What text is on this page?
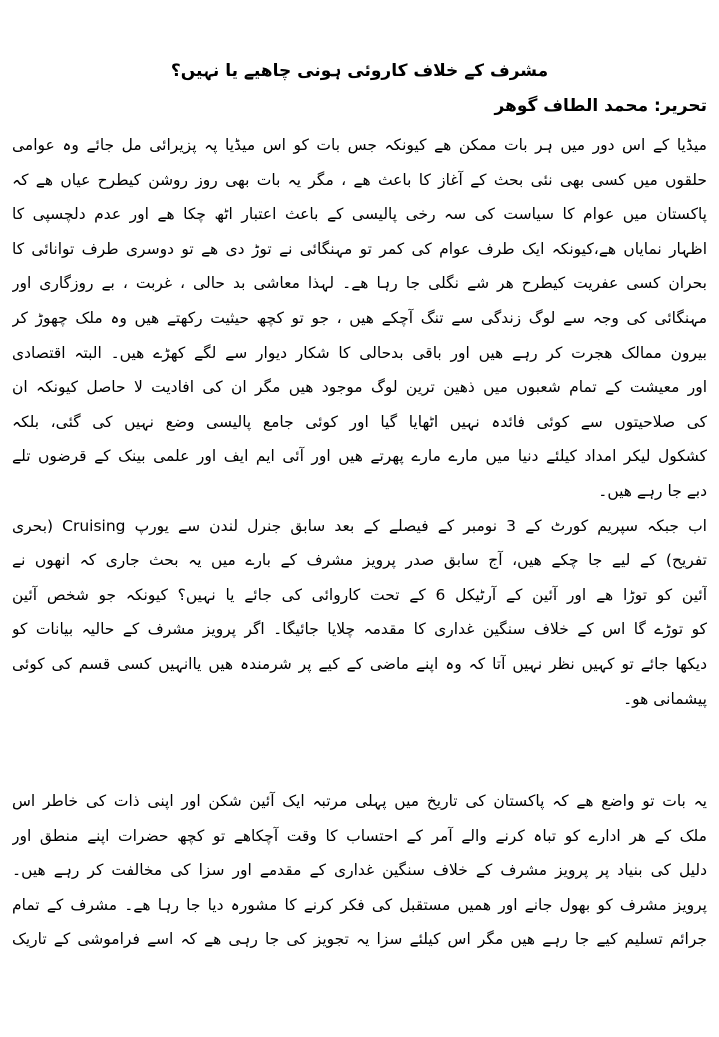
مشرف کے خلاف کاروئی ہونی چاھیے یا نہیں؟
تحریر: محمد الطاف گوھر
میڈیا کے اس دور میں ہر بات ممکن ھے کیونکہ جس بات کو اس میڈیا پہ پزیرائی مل جائے وہ عوامی
حلقوں میں کسی بھی نئی بحث کے آغاز کا باعث ھے ، مگر یہ بات بھی روز روشن کیطرح عیاں ھے کہ
پاکستان میں عوام کا سیاست کی سہ رخی پالیسی کے باعث اعتبار اٹھ چکا ھے اور عدم دلچسپی کا
اظہار نمایاں ھے،کیونکہ ایک طرف عوام کی کمر تو مہنگائی نے توڑ دی ھے تو دوسری طرف توانائی کا
بحران کسی عفریت کیطرح ھر شے نگلی جا رہا ھے۔ لہذا معاشی بد حالی ، غربت ، بے روزگاری اور
مہنگائی کی وجہ سے لوگ زندگی سے تنگ آچکے ھیں ، جو تو کچھ حیثیت رکھتے ھیں وہ ملک چھوڑ کر
بیرون ممالک ھجرت کر رہے ھیں اور باقی بدحالی کا شکار دیوار سے لگے کھڑے ھیں۔ البتہ اقتصادی
اور معیشت کے تمام شعبوں میں ذھین ترین لوگ موجود ھیں مگر ان کی افادیت لا حاصل کیونکہ ان
کی صلاحیتوں سے کوئی فائدہ نہیں اٹھایا گیا اور کوئی جامع پالیسی وضع نہیں کی گئی، بلکہ
کشکول لیکر امداد کیلئے دنیا میں مارے مارے پھرتے ھیں اور آئی ایم ایف اور علمی بینک کے قرضوں تلے
دبے جا رہے ھیں۔
اب جبکہ سپریم کورٹ کے 3 نومبر کے فیصلے کے بعد سابق جنرل لندن سے یورپ Cruising (بحری
تفریح) کے لیے جا چکے ھیں، آج سابق صدر پرویز مشرف کے بارے میں یہ بحث جاری کہ انھوں نے
آئین کو توڑا ھے اور آئین کے آرٹیکل 6 کے تحت کاروائی کی جائے یا نہیں؟ کیونکہ جو شخص آئین
کو توڑے گا اس کے خلاف سنگین غداری کا مقدمہ چلایا جائیگا۔ اگر پرویز مشرف کے حالیہ بیانات کو
دیکھا جائے تو کہیں نظر نہیں آتا کہ وہ اپنے ماضی کے کیے پر شرمندہ ھیں یاانہیں کسی قسم کی کوئی
پیشمانی ھو۔
یہ بات تو واضع ھے کہ پاکستان کی تاریخ میں پہلی مرتبہ ایک آئین شکن اور اپنی ذات کی خاطر اس
ملک کے ھر ادارے کو تباہ کرنے والے آمر کے احتساب کا وقت آچکاھے تو کچھ حضرات اپنے منطق اور
دلیل کی بنیاد پر پرویز مشرف کے خلاف سنگین غداری کے مقدمے اور سزا کی مخالفت کر رہے ھیں۔
پرویز مشرف کو بھول جانے اور ھمیں مستقبل کی فکر کرنے کا مشورہ دیا جا رہا ھے۔ مشرف کے تمام
جرائم تسلیم کیے جا رہے ھیں مگر اس کیلئے سزا یہ تجویز کی جا رہی ھے کہ اسے فراموشی کے تاریک
